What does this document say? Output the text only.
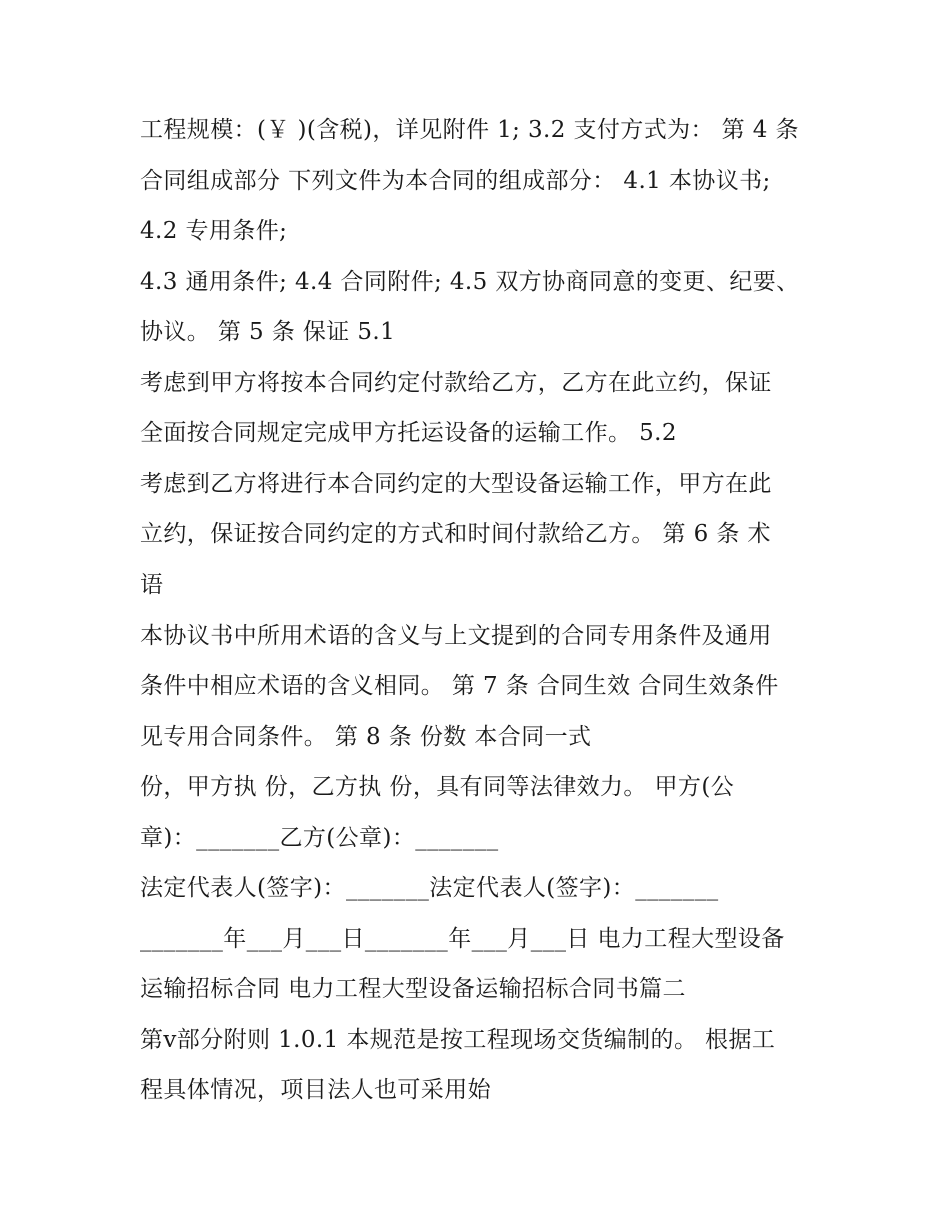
工程规模：(￥ )(含税)，详见附件 1; 3.2 支付方式为： 第 4 条
合同组成部分 下列文件为本合同的组成部分： 4.1 本协议书;
4.2 专用条件;
4.3 通用条件; 4.4 合同附件; 4.5 双方协商同意的变更、纪要、
协议。 第 5 条 保证 5.1
考虑到甲方将按本合同约定付款给乙方，乙方在此立约，保证
全面按合同规定完成甲方托运设备的运输工作。 5.2
考虑到乙方将进行本合同约定的大型设备运输工作，甲方在此
立约，保证按合同约定的方式和时间付款给乙方。 第 6 条 术
语
本协议书中所用术语的含义与上文提到的合同专用条件及通用
条件中相应术语的含义相同。 第 7 条 合同生效 合同生效条件
见专用合同条件。 第 8 条 份数 本合同一式
份，甲方执 份，乙方执 份，具有同等法律效力。 甲方(公
章)：_______乙方(公章)：_______
法定代表人(签字)：_______法定代表人(签字)：_______
_______年___月___日_______年___月___日 电力工程大型设备
运输招标合同 电力工程大型设备运输招标合同书篇二
第ⅴ部分附则 1.0.1 本规范是按工程现场交货编制的。 根据工
程具体情况，项目法人也可采用始
